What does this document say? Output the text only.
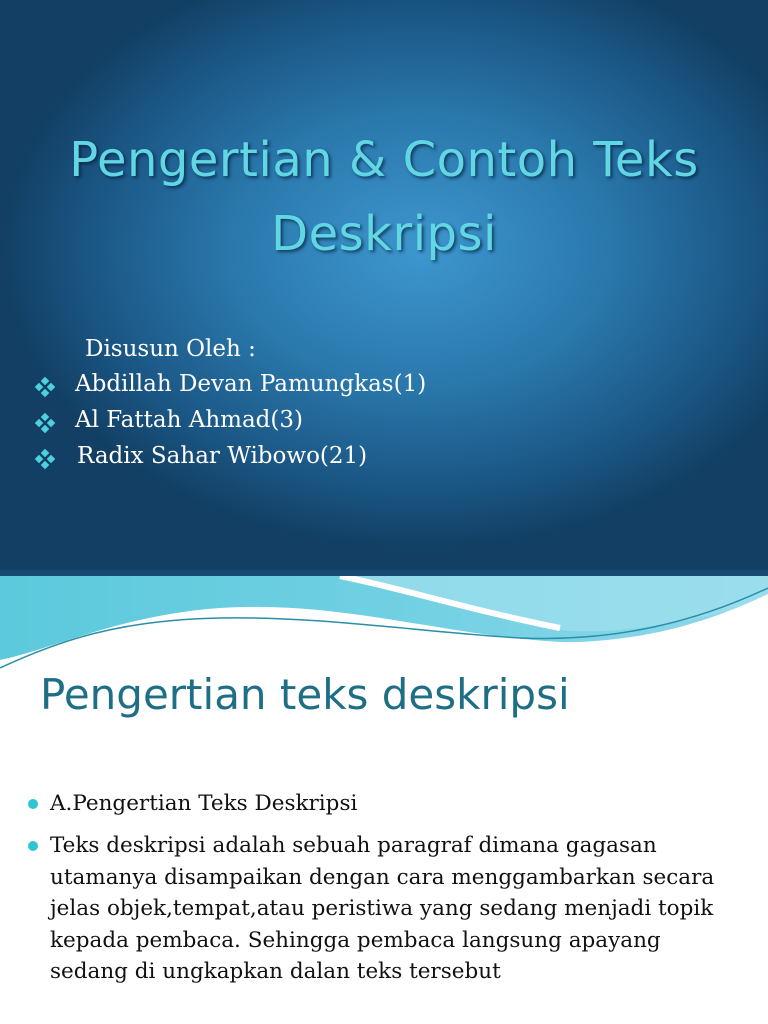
Pengertian & Contoh Teks
Deskripsi
Disusun Oleh :
Abdillah Devan Pamungkas(1)
Al Fattah Ahmad(3)
Radix Sahar Wibowo(21)
Pengertian teks deskripsi
A.Pengertian Teks Deskripsi
Teks deskripsi adalah sebuah paragraf dimana gagasan utamanya disampaikan dengan cara menggambarkan secara jelas objek,tempat,atau peristiwa yang sedang menjadi topik kepada pembaca. Sehingga pembaca langsung apayang sedang di ungkapkan dalan teks tersebut
